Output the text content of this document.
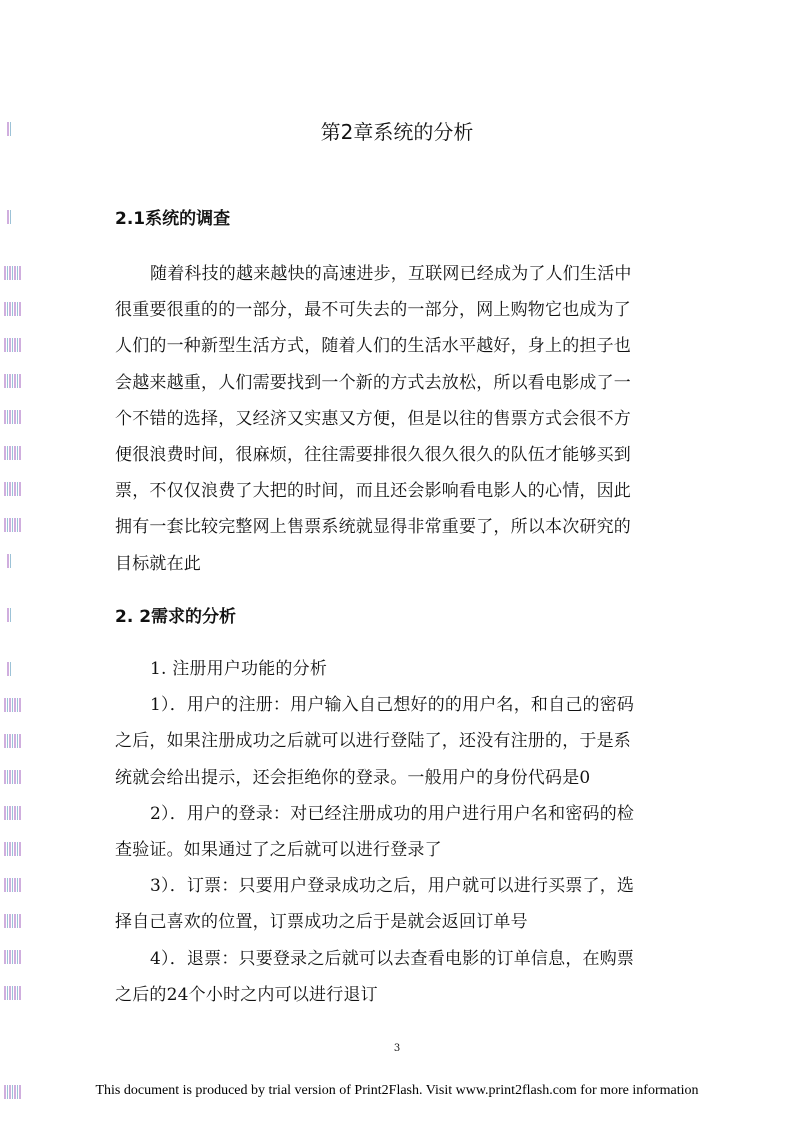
第2章系统的分析
2.1系统的调查
随着科技的越来越快的高速进步，互联网已经成为了人们生活中
很重要很重的的一部分，最不可失去的一部分，网上购物它也成为了
人们的一种新型生活方式，随着人们的生活水平越好，身上的担子也
会越来越重，人们需要找到一个新的方式去放松，所以看电影成了一
个不错的选择，又经济又实惠又方便，但是以往的售票方式会很不方
便很浪费时间，很麻烦，往往需要排很久很久很久的队伍才能够买到
票，不仅仅浪费了大把的时间，而且还会影响看电影人的心情，因此
拥有一套比较完整网上售票系统就显得非常重要了，所以本次研究的
目标就在此
2. 2需求的分析
1. 注册用户功能的分析
1）．用户的注册：用户输入自己想好的的用户名，和自己的密码
之后，如果注册成功之后就可以进行登陆了，还没有注册的，于是系
统就会给出提示，还会拒绝你的登录。一般用户的身份代码是0
2）．用户的登录：对已经注册成功的用户进行用户名和密码的检
查验证。如果通过了之后就可以进行登录了
3）．订票：只要用户登录成功之后，用户就可以进行买票了，选
择自己喜欢的位置，订票成功之后于是就会返回订单号
4）．退票：只要登录之后就可以去查看电影的订单信息，在购票
之后的24个小时之内可以进行退订
3
This document is produced by trial version of Print2Flash. Visit www.print2flash.com for more information
